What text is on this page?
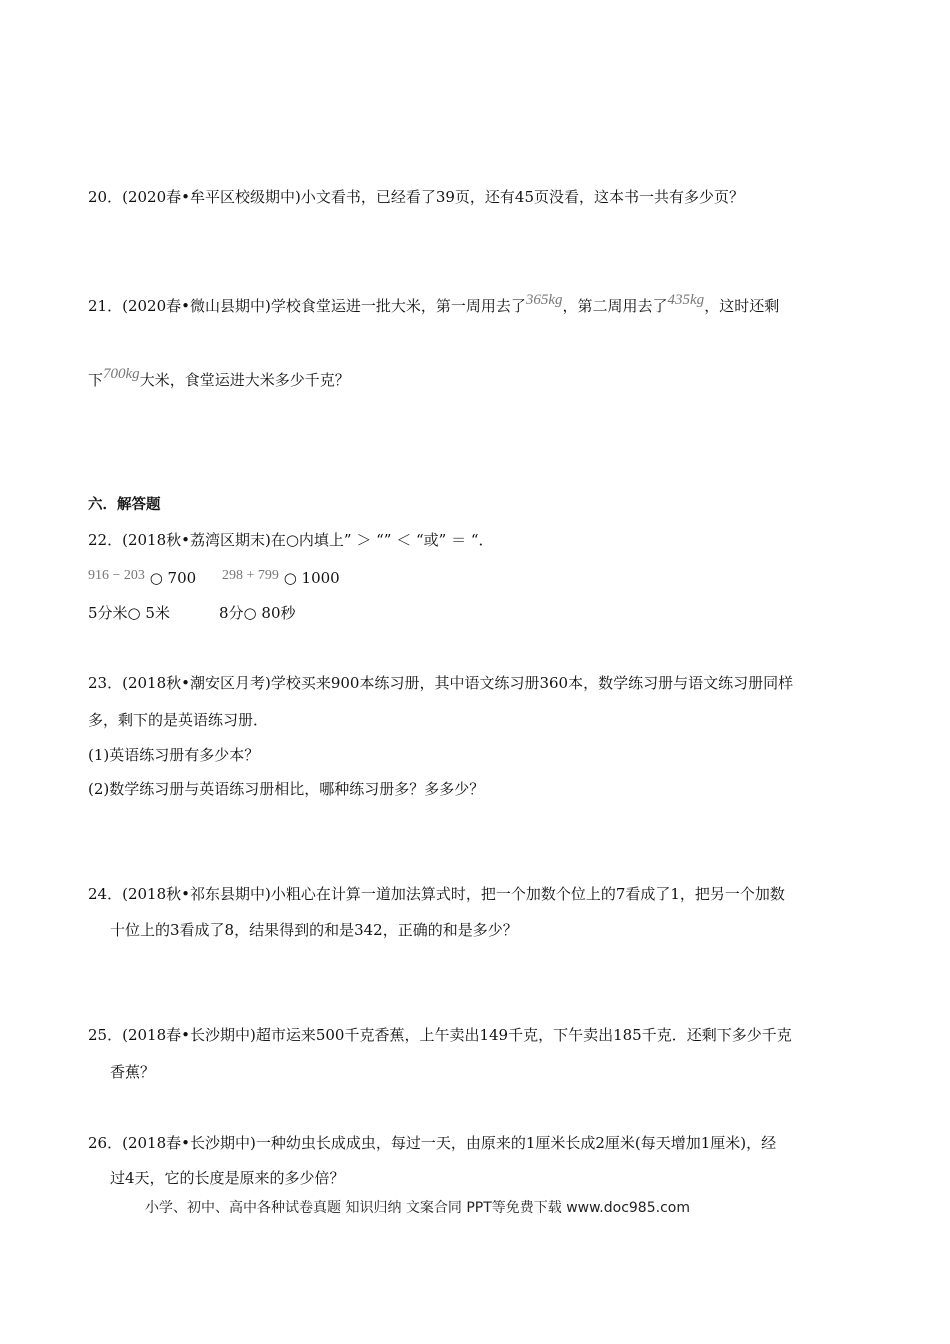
20．(2020春•牟平区校级期中)小文看书，已经看了39页，还有45页没看，这本书一共有多少页？
21．(2020春•微山县期中)学校食堂运进一批大米，第一周用去了365kg，第二周用去了435kg，这时还剩
下700kg大米，食堂运进大米多少千克？
六．解答题
22．(2018秋•荔湾区期末)在○内填上” ＞ “” ＜ “或” ＝ “．
916 − 203 ○ 700 298 + 799 ○ 1000
5分米○ 5米	8分○ 80秒
23．(2018秋•潮安区月考)学校买来900本练习册，其中语文练习册360本，数学练习册与语文练习册同样
多，剩下的是英语练习册．
(1)英语练习册有多少本？
(2)数学练习册与英语练习册相比，哪种练习册多？多多少？
24．(2018秋•祁东县期中)小粗心在计算一道加法算式时，把一个加数个位上的7看成了1，把另一个加数
十位上的3看成了8，结果得到的和是342，正确的和是多少？
25．(2018春•长沙期中)超市运来500千克香蕉，上午卖出149千克，下午卖出185千克．还剩下多少千克
香蕉？
26．(2018春•长沙期中)一种幼虫长成成虫，每过一天，由原来的1厘米长成2厘米(每天增加1厘米)，经
过4天，它的长度是原来的多少倍？
小学、初中、高中各种试卷真题 知识归纳 文案合同 PPT等免费下载 www.doc985.com
